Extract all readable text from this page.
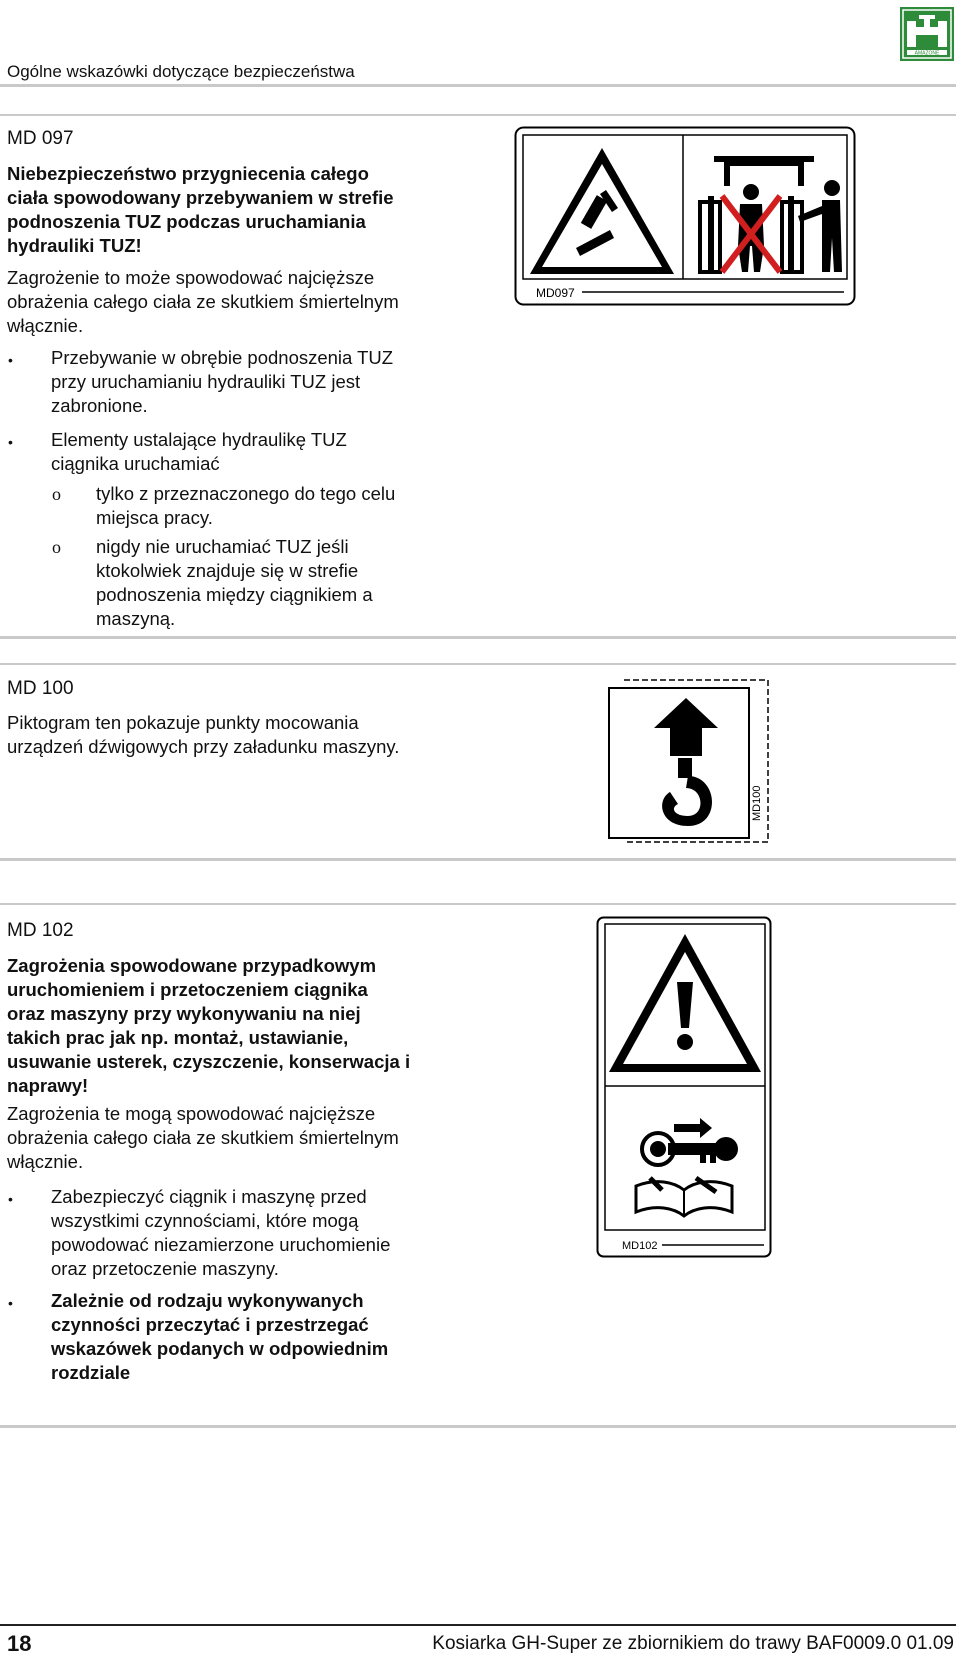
Ogólne wskazówki dotyczące bezpieczeństwa
AMAZONE
MD 097

Niebezpieczeństwo przygniecenia całego

ciała spowodowany przebywaniem w strefie

podnoszenia TUZ podczas uruchamiania

hydrauliki TUZ!

Zagrożenie to może spowodować najcięższe

obrażenia całego ciała ze skutkiem śmiertelnym

włącznie.

• Przebywanie w obrębie podnoszenia TUZ

przy uruchamianiu hydrauliki TUZ jest

zabronione.

• Elementy ustalające hydraulikę TUZ

ciągnika uruchamiać

ο tylko z przeznaczonego do tego celu

miejsca pracy.

ο nigdy nie uruchamiać TUZ jeśli

ktokolwiek znajduje się w strefie

podnoszenia między ciągnikiem a

maszyną.

MD097
MD 100

Piktogram ten pokazuje punkty mocowania

urządzeń dźwigowych przy załadunku maszyny.

MD100
MD 102

Zagrożenia spowodowane przypadkowym

uruchomieniem i przetoczeniem ciągnika

oraz maszyny przy wykonywaniu na niej

takich prac jak np. montaż, ustawianie,

usuwanie usterek, czyszczenie, konserwacja i

naprawy!

Zagrożenia te mogą spowodować najcięższe

obrażenia całego ciała ze skutkiem śmiertelnym

włącznie.

• Zabezpieczyć ciągnik i maszynę przed

wszystkimi czynnościami, które mogą

powodować niezamierzone uruchomienie

oraz przetoczenie maszyny.

• Zależnie od rodzaju wykonywanych

czynności przeczytać i przestrzegać

wskazówek podanych w odpowiednim

rozdziale

MD102
18	Kosiarka GH-Super ze zbiornikiem do trawy BAF0009.0 01.09
